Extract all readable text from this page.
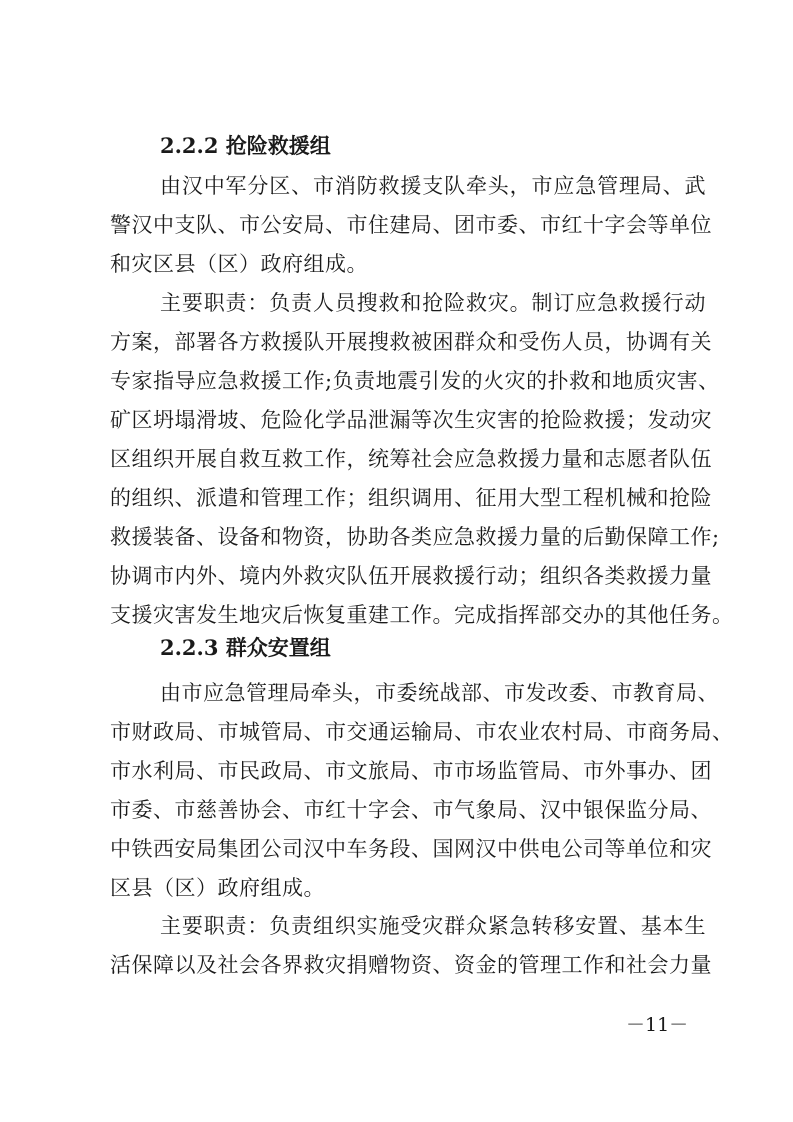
2.2.2 抢险救援组
由汉中军分区、市消防救援支队牵头，市应急管理局、武
警汉中支队、市公安局、市住建局、团市委、市红十字会等单位
和灾区县（区）政府组成。
主要职责：负责人员搜救和抢险救灾。制订应急救援行动
方案，部署各方救援队开展搜救被困群众和受伤人员，协调有关
专家指导应急救援工作;负责地震引发的火灾的扑救和地质灾害、
矿区坍塌滑坡、危险化学品泄漏等次生灾害的抢险救援；发动灾
区组织开展自救互救工作，统筹社会应急救援力量和志愿者队伍
的组织、派遣和管理工作；组织调用、征用大型工程机械和抢险
救援装备、设备和物资，协助各类应急救援力量的后勤保障工作;
协调市内外、境内外救灾队伍开展救援行动；组织各类救援力量
支援灾害发生地灾后恢复重建工作。完成指挥部交办的其他任务。
2.2.3 群众安置组
由市应急管理局牵头，市委统战部、市发改委、市教育局、
市财政局、市城管局、市交通运输局、市农业农村局、市商务局、
市水利局、市民政局、市文旅局、市市场监管局、市外事办、团
市委、市慈善协会、市红十字会、市气象局、汉中银保监分局、
中铁西安局集团公司汉中车务段、国网汉中供电公司等单位和灾
区县（区）政府组成。
主要职责：负责组织实施受灾群众紧急转移安置、基本生
活保障以及社会各界救灾捐赠物资、资金的管理工作和社会力量
－11－
